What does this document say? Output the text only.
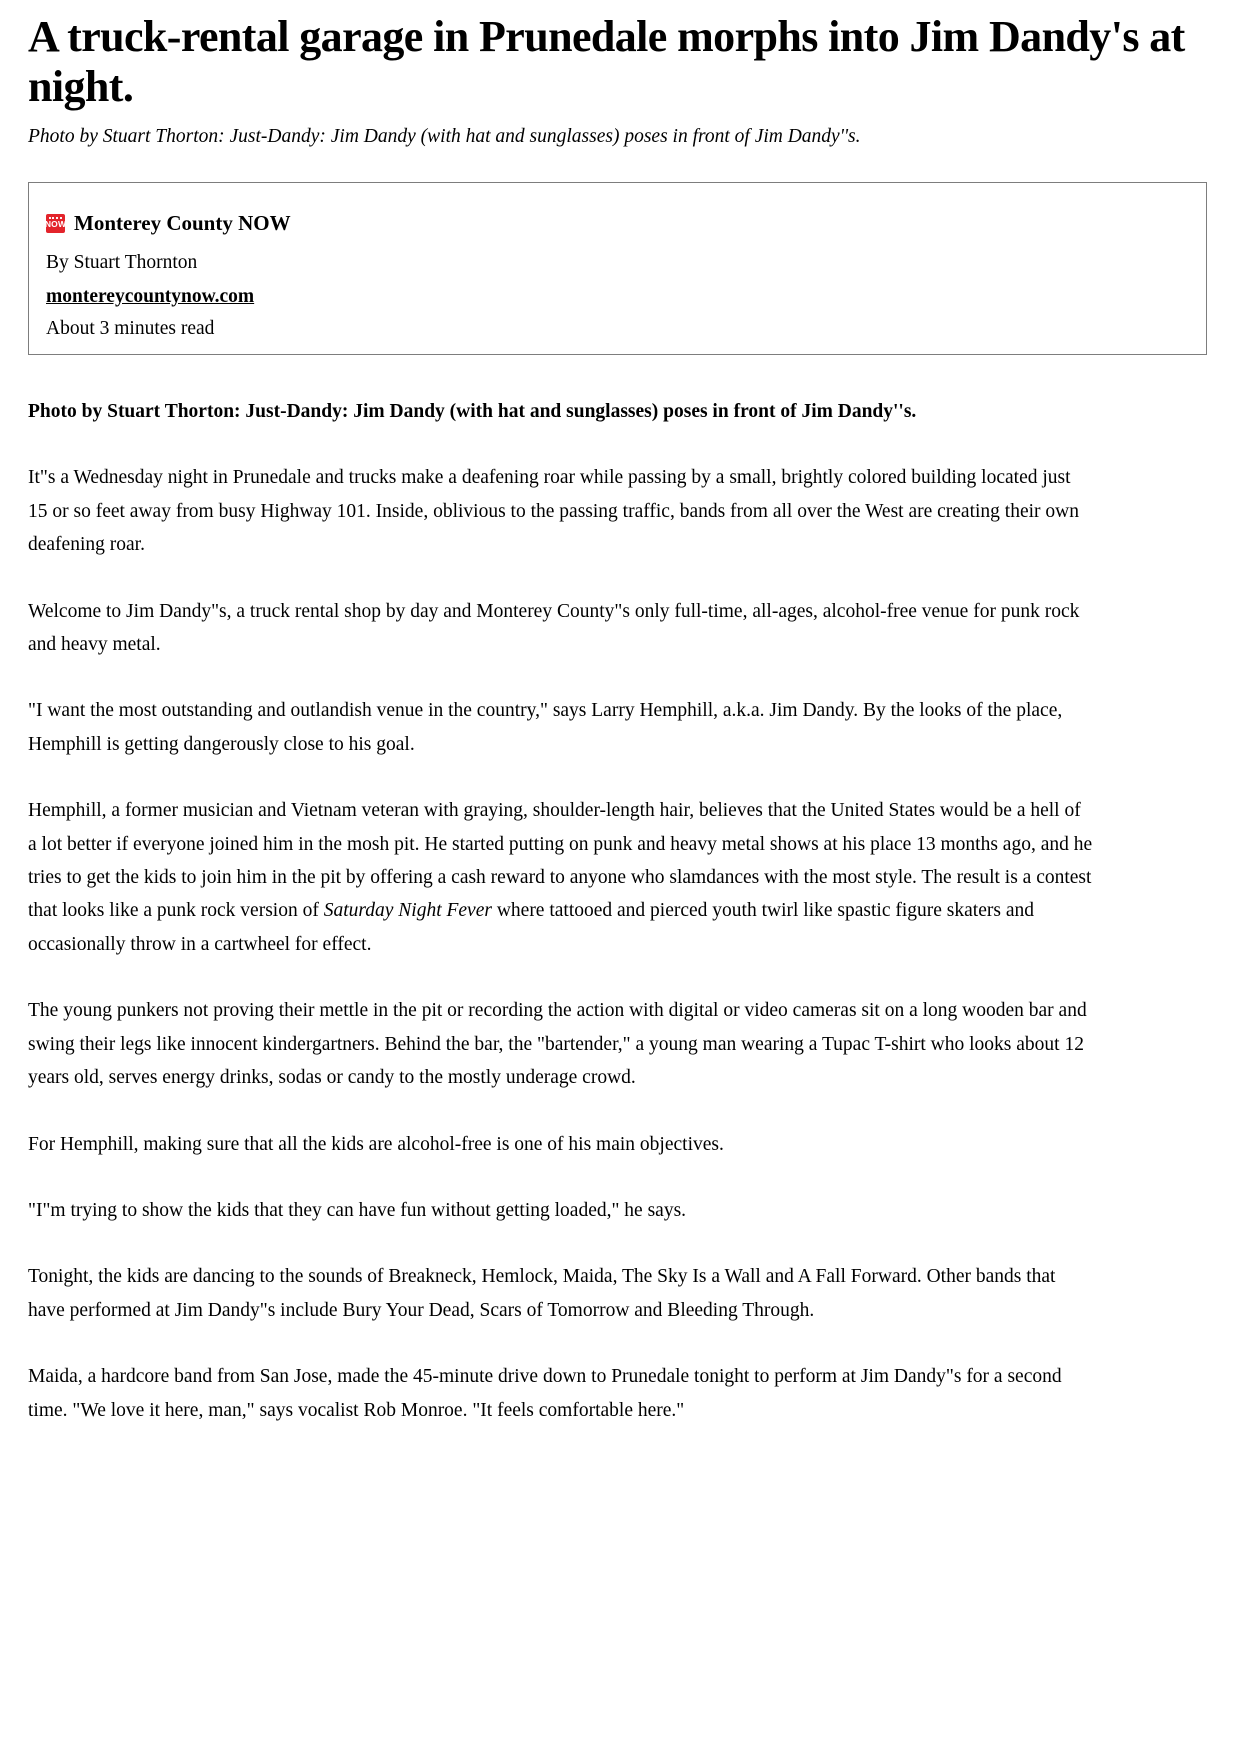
A truck-rental garage in Prunedale morphs into Jim Dandy's at night.
Photo by Stuart Thorton: Just-Dandy: Jim Dandy (with hat and sunglasses) poses in front of Jim Dandy''s.
NOW Monterey County NOW
By Stuart Thornton
montereycountynow.com
About 3 minutes read

Photo by Stuart Thorton: Just-Dandy: Jim Dandy (with hat and sunglasses) poses in front of Jim Dandy''s.

It"s a Wednesday night in Prunedale and trucks make a deafening roar while passing by a small, brightly colored building located just 15 or so feet away from busy Highway 101. Inside, oblivious to the passing traffic, bands from all over the West are creating their own deafening roar.

Welcome to Jim Dandy"s, a truck rental shop by day and Monterey County"s only full-time, all-ages, alcohol-free venue for punk rock and heavy metal.

"I want the most outstanding and outlandish venue in the country," says Larry Hemphill, a.k.a. Jim Dandy. By the looks of the place, Hemphill is getting dangerously close to his goal.

Hemphill, a former musician and Vietnam veteran with graying, shoulder-length hair, believes that the United States would be a hell of a lot better if everyone joined him in the mosh pit. He started putting on punk and heavy metal shows at his place 13 months ago, and he tries to get the kids to join him in the pit by offering a cash reward to anyone who slamdances with the most style. The result is a contest that looks like a punk rock version of Saturday Night Fever where tattooed and pierced youth twirl like spastic figure skaters and occasionally throw in a cartwheel for effect.

The young punkers not proving their mettle in the pit or recording the action with digital or video cameras sit on a long wooden bar and swing their legs like innocent kindergartners. Behind the bar, the "bartender," a young man wearing a Tupac T-shirt who looks about 12 years old, serves energy drinks, sodas or candy to the mostly underage crowd.

For Hemphill, making sure that all the kids are alcohol-free is one of his main objectives.

"I"m trying to show the kids that they can have fun without getting loaded," he says.

Tonight, the kids are dancing to the sounds of Breakneck, Hemlock, Maida, The Sky Is a Wall and A Fall Forward. Other bands that have performed at Jim Dandy"s include Bury Your Dead, Scars of Tomorrow and Bleeding Through.

Maida, a hardcore band from San Jose, made the 45-minute drive down to Prunedale tonight to perform at Jim Dandy"s for a second time. "We love it here, man," says vocalist Rob Monroe. "It feels comfortable here."
